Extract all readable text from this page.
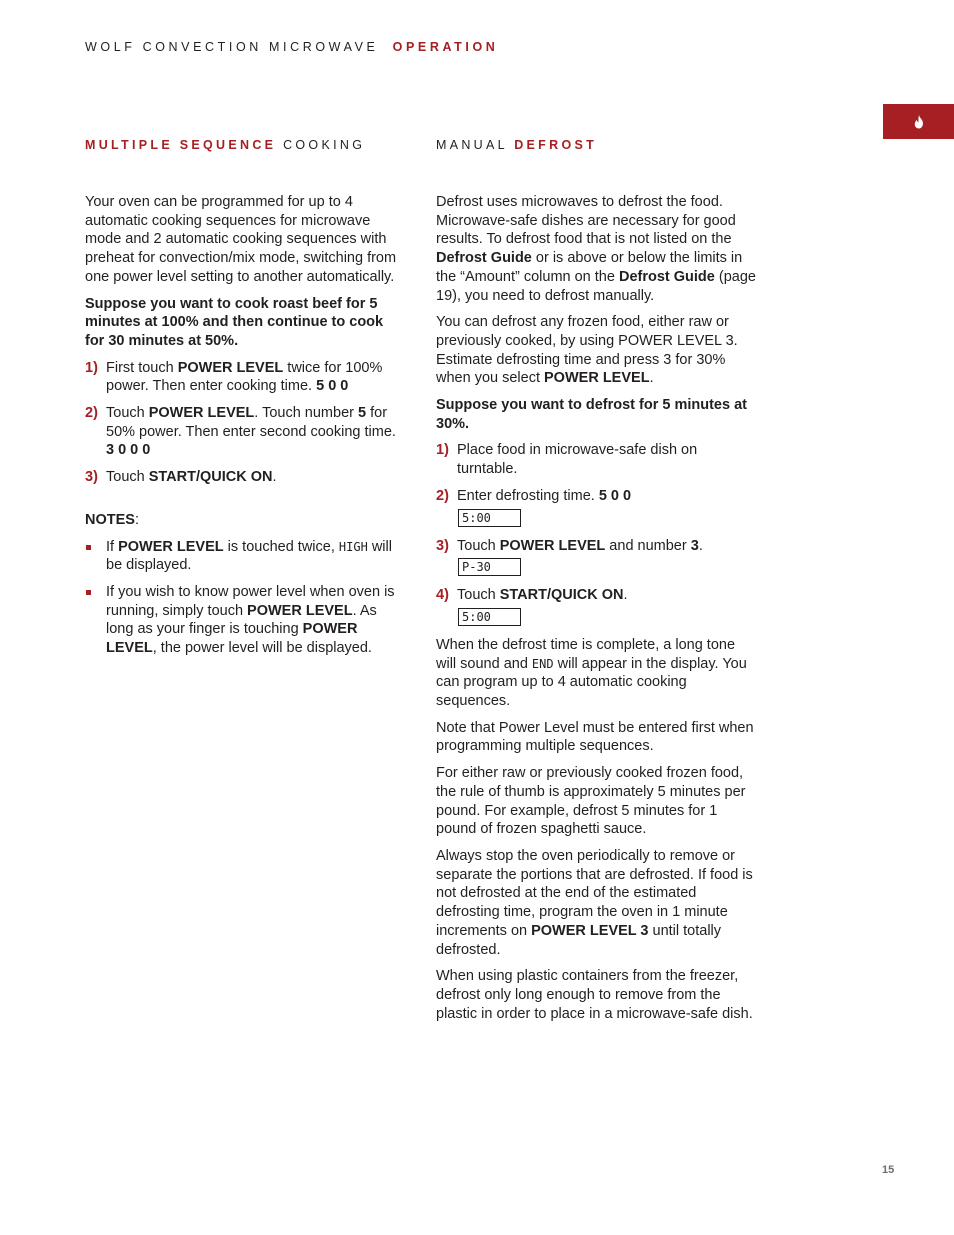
WOLF CONVECTION MICROWAVE OPERATION
MULTIPLE SEQUENCE COOKING

Your oven can be programmed for up to 4 automatic cooking sequences for microwave mode and 2 automatic cooking sequences with preheat for convection/mix mode, switching from one power level setting to another automatically.

Suppose you want to cook roast beef for 5 minutes at 100% and then continue to cook for 30 minutes at 50%.

1) First touch POWER LEVEL twice for 100% power. Then enter cooking time. 5 0 0
2) Touch POWER LEVEL. Touch number 5 for 50% power. Then enter second cooking time. 3 0 0 0
3) Touch START/QUICK ON.

NOTES:

If POWER LEVEL is touched twice, HIGH will be displayed.
If you wish to know power level when oven is running, simply touch POWER LEVEL. As long as your finger is touching POWER LEVEL, the power level will be displayed.
MANUAL DEFROST

Defrost uses microwaves to defrost the food. Microwave-safe dishes are necessary for good results. To defrost food that is not listed on the Defrost Guide or is above or below the limits in the “Amount” column on the Defrost Guide (page 19), you need to defrost manually.

You can defrost any frozen food, either raw or previously cooked, by using POWER LEVEL 3. Estimate defrosting time and press 3 for 30% when you select POWER LEVEL.

Suppose you want to defrost for 5 minutes at 30%.

1) Place food in microwave-safe dish on turntable.
2) Enter defrosting time. 5 0 0
5:00
3) Touch POWER LEVEL and number 3.
P-30
4) Touch START/QUICK ON.
5:00

When the defrost time is complete, a long tone will sound and END will appear in the display. You can program up to 4 automatic cooking sequences.

Note that Power Level must be entered first when programming multiple sequences.

For either raw or previously cooked frozen food, the rule of thumb is approximately 5 minutes per pound. For example, defrost 5 minutes for 1 pound of frozen spaghetti sauce.

Always stop the oven periodically to remove or separate the portions that are defrosted. If food is not defrosted at the end of the estimated defrosting time, program the oven in 1 minute increments on POWER LEVEL 3 until totally defrosted.

When using plastic containers from the freezer, defrost only long enough to remove from the plastic in order to place in a microwave-safe dish.

15
